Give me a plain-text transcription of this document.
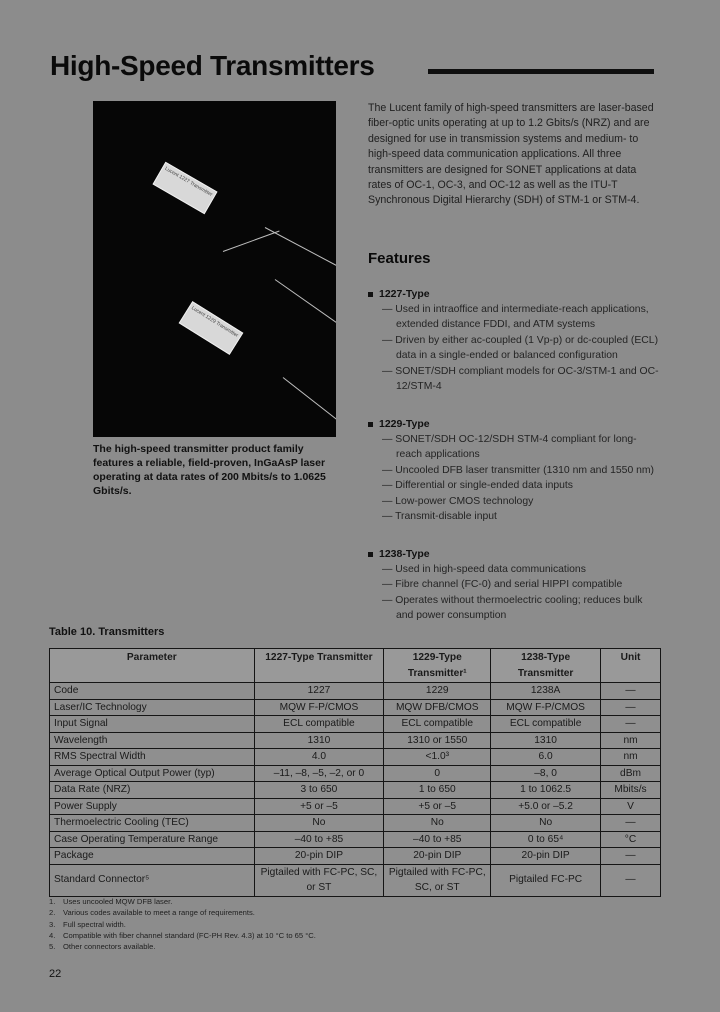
High-Speed Transmitters
Lucent 1227 Transmitter
Lucent 1229 Transmitter
The high-speed transmitter product family features a reliable, field-proven, InGaAsP laser operating at data rates of 200 Mbits/s to 1.0625 Gbits/s.

The Lucent family of high-speed transmitters are laser-based fiber-optic units operating at up to 1.2 Gbits/s (NRZ) and are designed for use in transmission systems and medium- to high-speed data communication applications. All three transmitters are designed for SONET applications at data rates of OC-1, OC-3, and OC-12 as well as the ITU-T Synchronous Digital Hierarchy (SDH) of STM-1 or STM-4.

Features
1227-Type
— Used in intraoffice and intermediate-reach applications, extended distance FDDI, and ATM systems
— Driven by either ac-coupled (1 Vp-p) or dc-coupled (ECL) data in a single-ended or balanced configuration
— SONET/SDH compliant models for OC-3/STM-1 and OC-12/STM-4
1229-Type
— SONET/SDH OC-12/SDH STM-4 compliant for long-reach applications
— Uncooled DFB laser transmitter (1310 nm and 1550 nm)
— Differential or single-ended data inputs
— Low-power CMOS technology
— Transmit-disable input
1238-Type
— Used in high-speed data communications
— Fibre channel (FC-0) and serial HIPPI compatible
— Operates without thermoelectric cooling; reduces bulk and power consumption
Table 10. Transmitters
Parameter	1227-Type Transmitter	1229-Type Transmitter¹	1238-Type Transmitter	Unit
Code	1227	1229	1238A	—
Laser/IC Technology	MQW F-P/CMOS	MQW DFB/CMOS	MQW F-P/CMOS	—
Input Signal	ECL compatible	ECL compatible	ECL compatible	—
Wavelength	1310	1310 or 1550	1310	nm
RMS Spectral Width	4.0	<1.0³	6.0	nm
Average Optical Output Power (typ)	–11, –8, –5, –2, or 0	0	–8, 0	dBm
Data Rate (NRZ)	3 to 650	1 to 650	1 to 1062.5	Mbits/s
Power Supply	+5 or –5	+5 or –5	+5.0 or –5.2	V
Thermoelectric Cooling (TEC)	No	No	No	—
Case Operating Temperature Range	–40 to +85	–40 to +85	0 to 65⁴	°C
Package	20-pin DIP	20-pin DIP	20-pin DIP	—
Standard Connector⁵	Pigtailed with FC-PC, SC, or ST	Pigtailed with FC-PC, SC, or ST	Pigtailed FC-PC	—
1.	Uses uncooled MQW DFB laser.
2.	Various codes available to meet a range of requirements.
3.	Full spectral width.
4.	Compatible with fiber channel standard (FC-PH Rev. 4.3) at 10 °C to 65 °C.
5.	Other connectors available.
22
